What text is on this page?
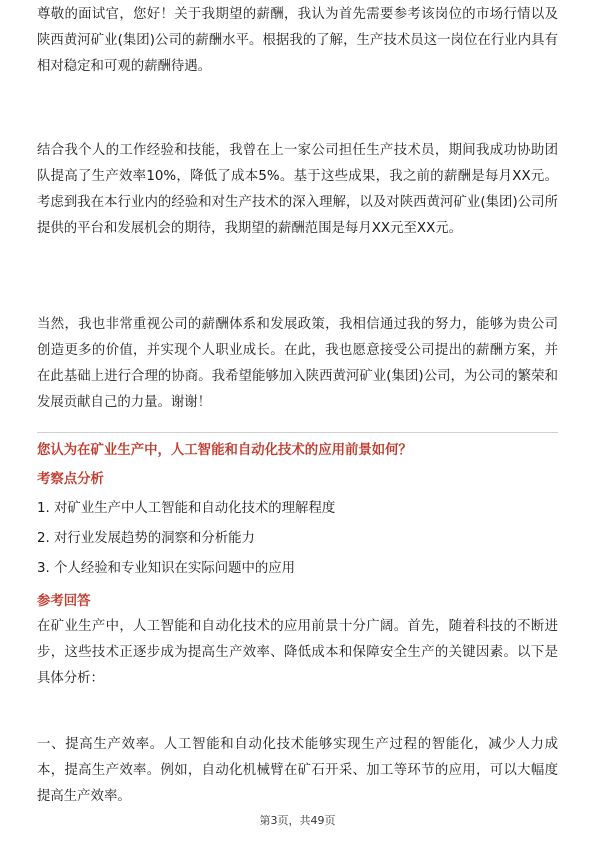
尊敬的面试官，您好！关于我期望的薪酬，我认为首先需要参考该岗位的市场行情以及陕西黄河矿业(集团)公司的薪酬水平。根据我的了解，生产技术员这一岗位在行业内具有相对稳定和可观的薪酬待遇。

结合我个人的工作经验和技能，我曾在上一家公司担任生产技术员，期间我成功协助团队提高了生产效率10%，降低了成本5%。基于这些成果，我之前的薪酬是每月XX元。考虑到我在本行业内的经验和对生产技术的深入理解，以及对陕西黄河矿业(集团)公司所提供的平台和发展机会的期待，我期望的薪酬范围是每月XX元至XX元。

当然，我也非常重视公司的薪酬体系和发展政策，我相信通过我的努力，能够为贵公司创造更多的价值，并实现个人职业成长。在此，我也愿意接受公司提出的薪酬方案，并在此基础上进行合理的协商。我希望能够加入陕西黄河矿业(集团)公司，为公司的繁荣和发展贡献自己的力量。谢谢！

您认为在矿业生产中，人工智能和自动化技术的应用前景如何？

考察点分析

1. 对矿业生产中人工智能和自动化技术的理解程度
2. 对行业发展趋势的洞察和分析能力
3. 个人经验和专业知识在实际问题中的应用

参考回答

在矿业生产中，人工智能和自动化技术的应用前景十分广阔。首先，随着科技的不断进步，这些技术正逐步成为提高生产效率、降低成本和保障安全生产的关键因素。以下是具体分析：

一、提高生产效率。人工智能和自动化技术能够实现生产过程的智能化，减少人力成本，提高生产效率。例如，自动化机械臂在矿石开采、加工等环节的应用，可以大幅度提高生产效率。

第3页，共49页
